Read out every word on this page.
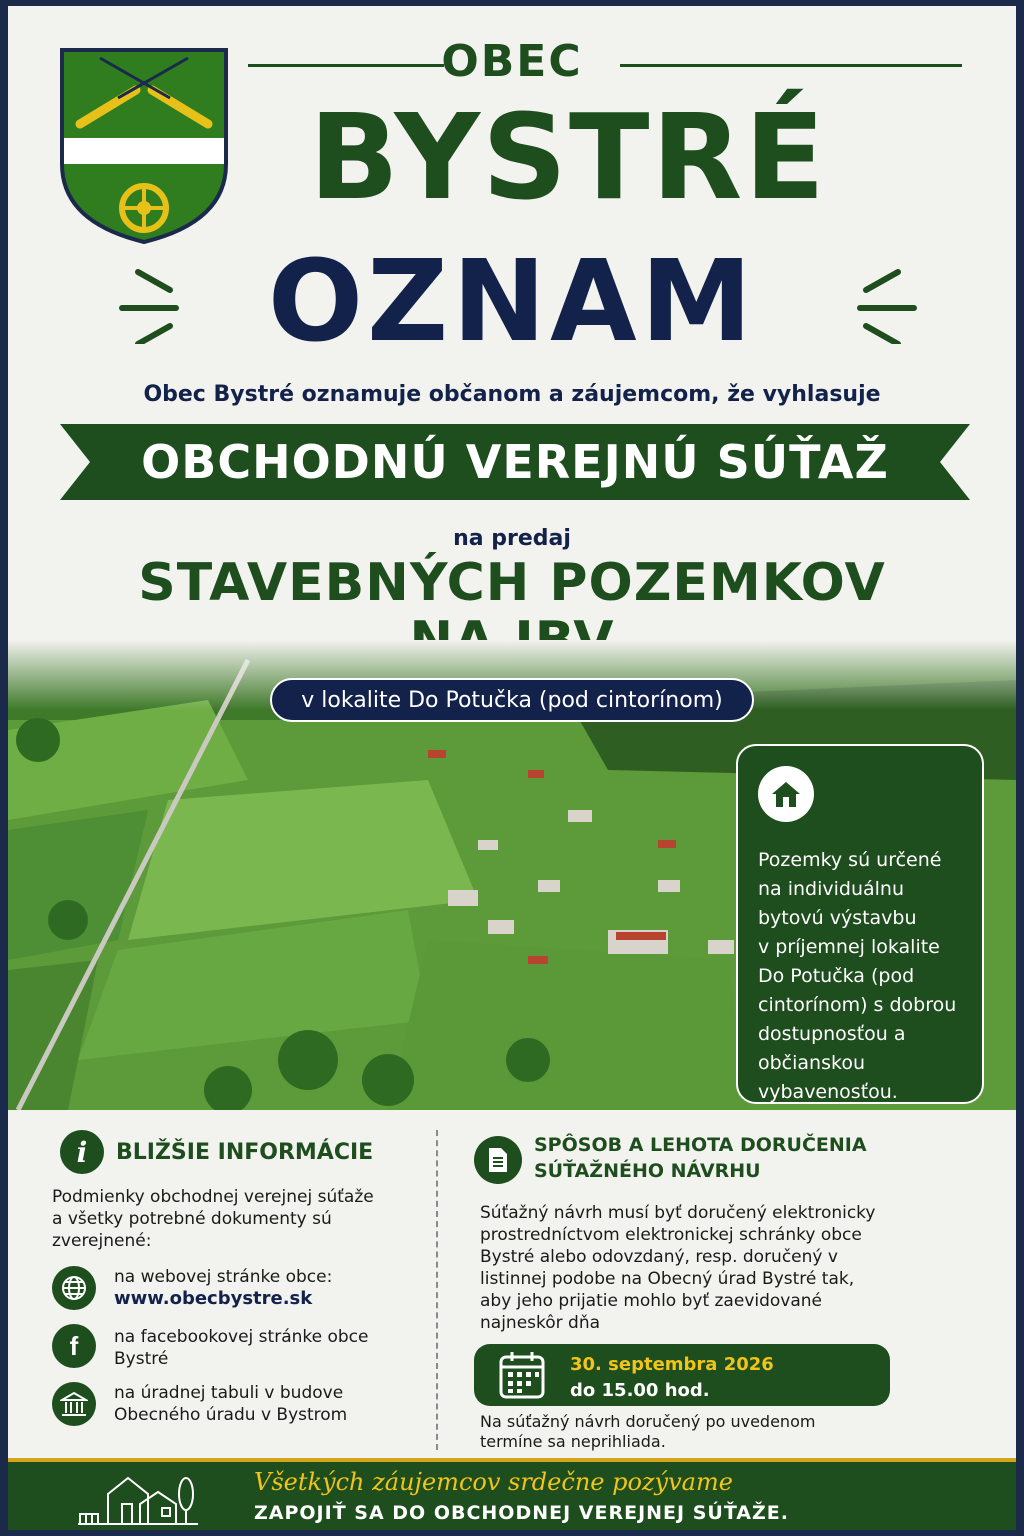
OBEC
BYSTRÉ
OZNAM
Obec Bystré oznamuje občanom a záujemcom, že vyhlasuje
OBCHODNÚ VEREJNÚ SÚŤAŽ
na predaj
STAVEBNÝCH POZEMKOV
v lokalite Do Potučka (pod cintorínom)
Pozemky sú určené
na individuálnu
bytovú výstavbu
v príjemnej lokalite
Do Potučka (pod
cintorínom) s dobrou
dostupnosťou a
občianskou
vybavenosťou.
i BLIŽŠIE INFORMÁCIE
Podmienky obchodnej verejnej súťaže
a všetky potrebné dokumenty sú
zverejnené:
na webovej stránke obce:
www.obecbystre.sk
f na facebookovej stránke obce
Bystré
na úradnej tabuli v budove
Obecného úradu v Bystrom
SPÔSOB A LEHOTA DORUČENIA
SÚŤAŽNÉHO NÁVRHU
Súťažný návrh musí byť doručený elektronicky
prostredníctvom elektronickej schránky obce
Bystré alebo odovzdaný, resp. doručený v
listinnej podobe na Obecný úrad Bystré tak,
aby jeho prijatie mohlo byť zaevidované
najneskôr dňa
30. septembra 2026
do 15.00 hod.
Na súťažný návrh doručený po uvedenom
termíne sa neprihliada.
Všetkých záujemcov srdečne pozývame
ZAPOJIŤ SA DO OBCHODNEJ VEREJNEJ SÚŤAŽE.
